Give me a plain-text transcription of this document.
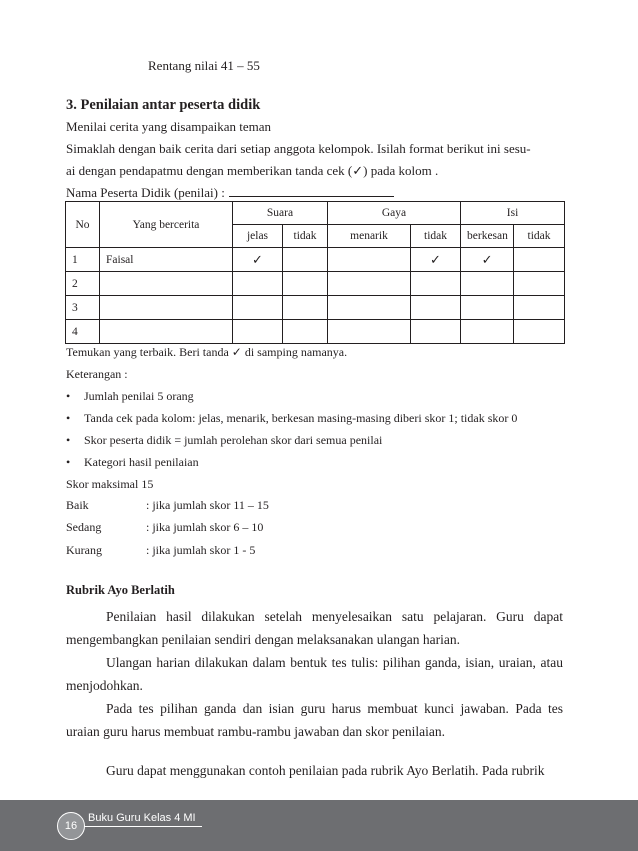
Rentang nilai 41 – 55
3. Penilaian antar peserta didik
Menilai cerita yang disampaikan teman
Simaklah dengan baik cerita dari setiap anggota kelompok. Isilah format berikut ini sesu-
ai dengan pendapatmu dengan memberikan tanda cek (✓) pada kolom .
Nama Peserta Didik (penilai) :
No	Yang bercerita	Suara		Gaya		Isi	
		jelas	tidak	menarik	tidak	berkesan	tidak
1	Faisal	✓			✓	✓	
2							
3							
4							
Temukan yang terbaik. Beri tanda ✓ di samping namanya.
Keterangan :
• Jumlah penilai 5 orang
• Tanda cek pada kolom: jelas, menarik, berkesan masing-masing diberi skor 1; tidak skor 0
• Skor peserta didik = jumlah perolehan skor dari semua penilai
• Kategori hasil penilaian
Skor maksimal 15
Baik	: jika jumlah skor 11 – 15
Sedang	: jika jumlah skor 6 – 10
Kurang	: jika jumlah skor 1 - 5
Rubrik Ayo Berlatih
Penilaian hasil dilakukan setelah menyelesaikan satu pelajaran. Guru dapat mengembangkan penilaian sendiri dengan melaksanakan ulangan harian.
Ulangan harian dilakukan dalam bentuk tes tulis: pilihan ganda, isian, uraian, atau menjodohkan.
Pada tes pilihan ganda dan isian guru harus membuat kunci jawaban. Pada tes uraian guru harus membuat rambu-rambu jawaban dan skor penilaian.
Guru dapat menggunakan contoh penilaian pada rubrik Ayo Berlatih. Pada rubrik
16
Buku Guru Kelas 4 MI
